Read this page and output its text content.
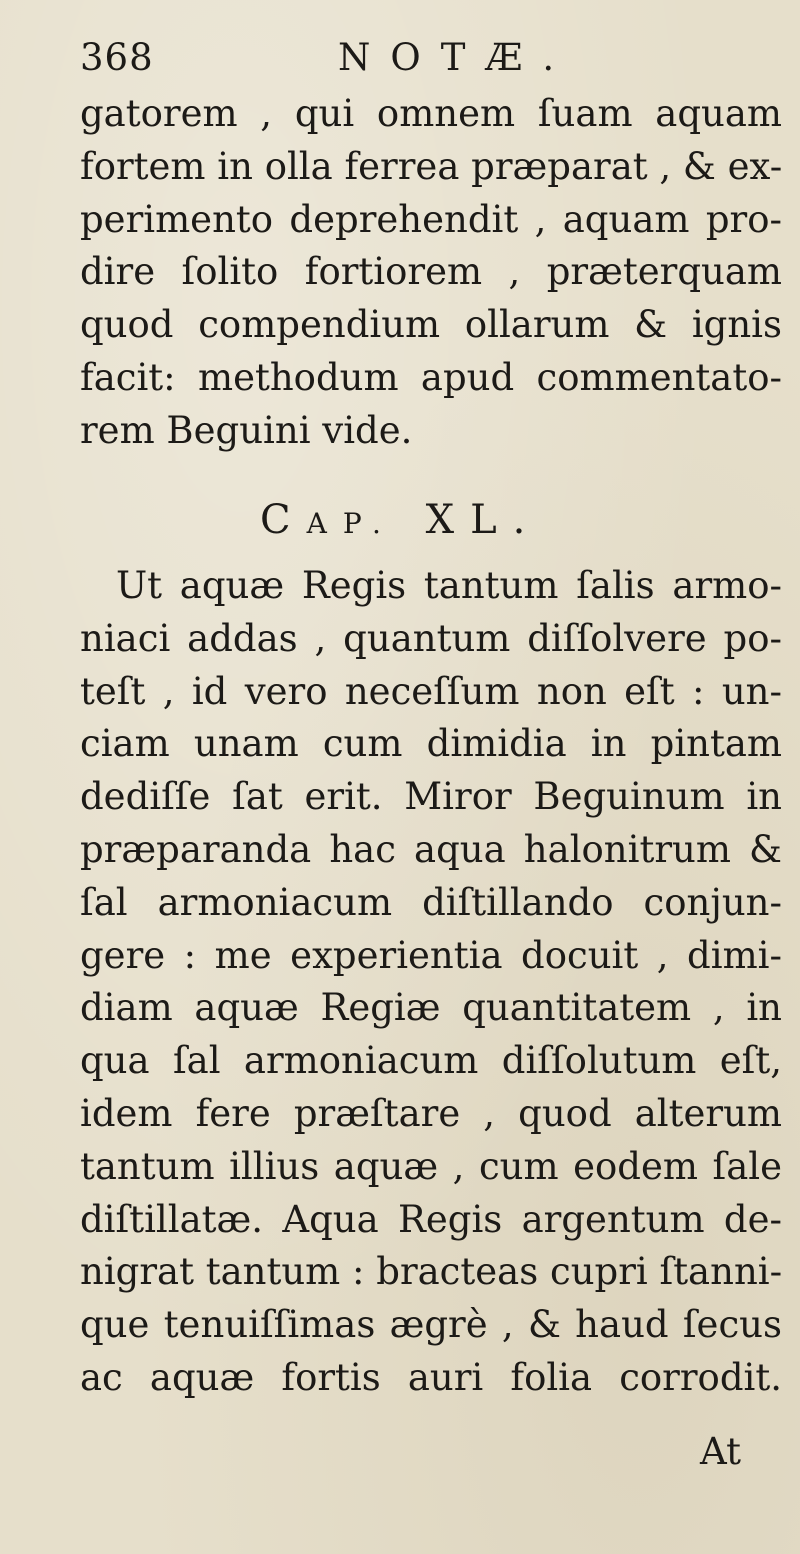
368	NOTÆ.
gatorem , qui omnem ſuam aquam
fortem in olla ferrea præparat , & ex-
perimento deprehendit , aquam pro-
dire ſolito fortiorem , præterquam
quod compendium ollarum & ignis
facit: methodum apud commentato-
rem Beguini vide.
CAP. XL.
Ut aquæ Regis tantum ſalis armo-
niaci addas , quantum diſſolvere po-
teſt , id vero neceſſum non eſt : un-
ciam unam cum dimidia in pintam
dediſſe ſat erit. Miror Beguinum in
præparanda hac aqua halonitrum &
ſal armoniacum diſtillando conjun-
gere : me experientia docuit , dimi-
diam aquæ Regiæ quantitatem , in
qua ſal armoniacum diſſolutum eſt,
idem fere præſtare , quod alterum
tantum illius aquæ , cum eodem ſale
diſtillatæ. Aqua Regis argentum de-
nigrat tantum : bracteas cupri ſtanni-
que tenuiſſimas ægrè , & haud ſecus
ac aquæ fortis auri folia corrodit.
At
